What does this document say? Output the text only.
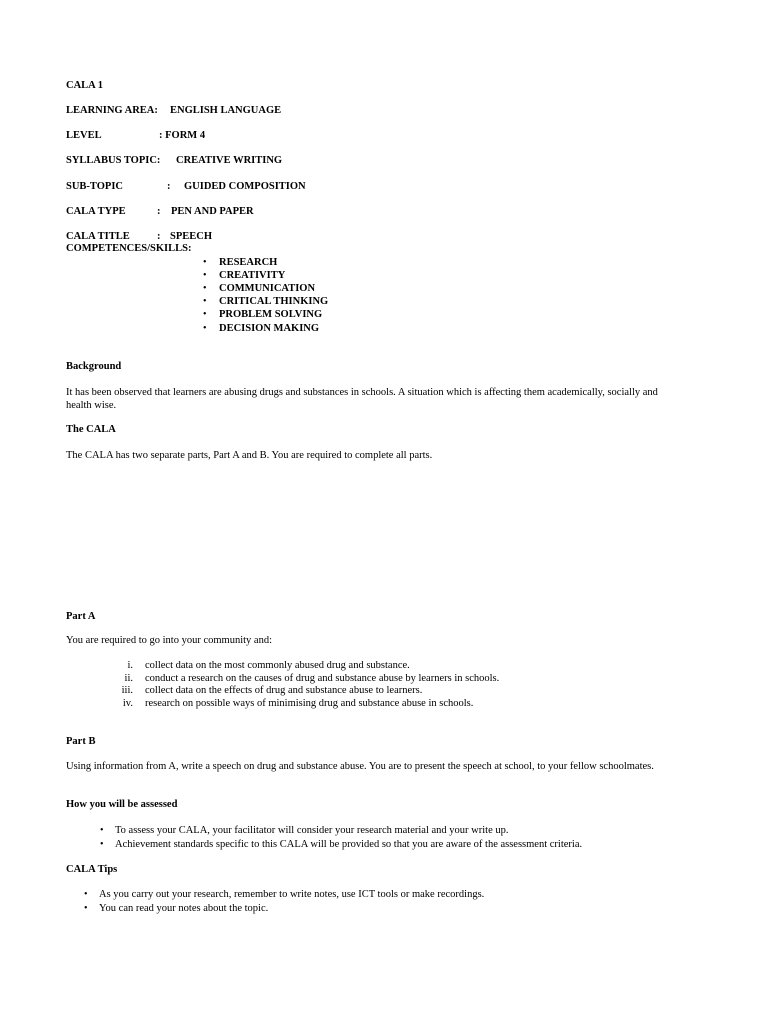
CALA 1
LEARNING AREA: ENGLISH LANGUAGE
LEVEL	: FORM 4
SYLLABUS TOPIC: CREATIVE WRITING
SUB-TOPIC	: GUIDED COMPOSITION
CALA TYPE	: PEN AND PAPER
CALA TITLE	: SPEECH
COMPETENCES/SKILLS:
• RESEARCH
• CREATIVITY
• COMMUNICATION
• CRITICAL THINKING
• PROBLEM SOLVING
• DECISION MAKING
Background
It has been observed that learners are abusing drugs and substances in schools. A situation which is affecting them academically, socially and
health wise.
The CALA
The CALA has two separate parts, Part A and B. You are required to complete all parts.
Part A
You are required to go into your community and:
i. collect data on the most commonly abused drug and substance.
ii. conduct a research on the causes of drug and substance abuse by learners in schools.
iii. collect data on the effects of drug and substance abuse to learners.
iv. research on possible ways of minimising drug and substance abuse in schools.
Part B
Using information from A, write a speech on drug and substance abuse. You are to present the speech at school, to your fellow schoolmates.
How you will be assessed
• To assess your CALA, your facilitator will consider your research material and your write up.
• Achievement standards specific to this CALA will be provided so that you are aware of the assessment criteria.
CALA Tips
• As you carry out your research, remember to write notes, use ICT tools or make recordings.
• You can read your notes about the topic.
